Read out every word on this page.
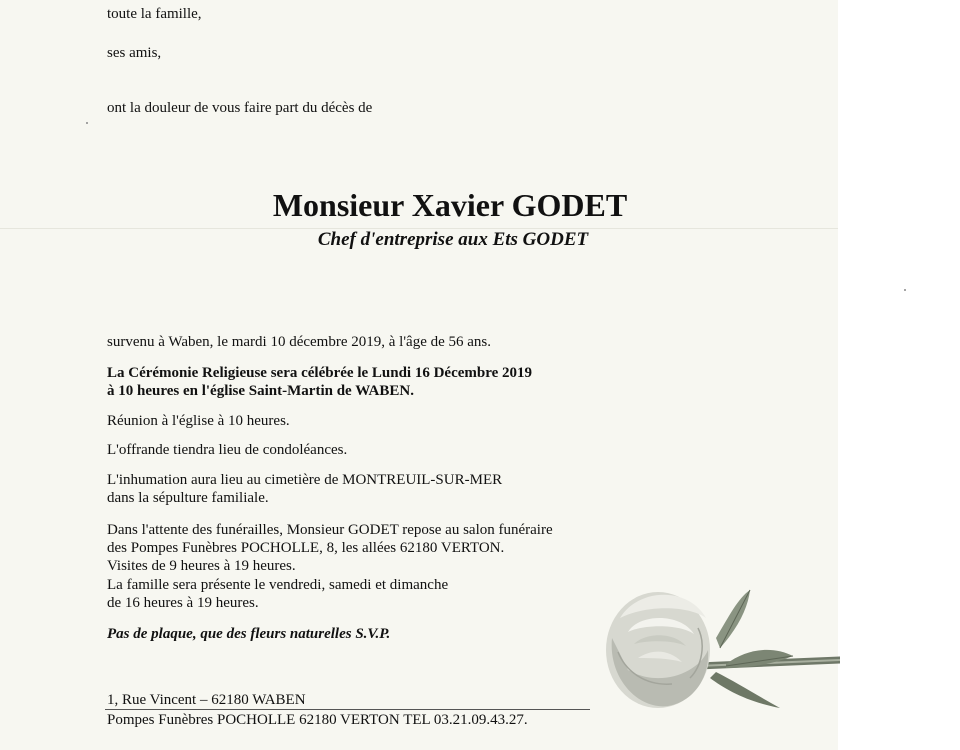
toute la famille,
ses amis,
ont la douleur de vous faire part du décès de
Monsieur Xavier GODET
Chef d'entreprise aux Ets GODET
survenu à Waben, le mardi 10 décembre 2019, à l'âge de 56 ans.
La Cérémonie Religieuse sera célébrée le Lundi 16 Décembre 2019
à 10 heures en l'église Saint-Martin de WABEN.
Réunion à l'église à 10 heures.
L'offrande tiendra lieu de condoléances.
L'inhumation aura lieu au cimetière de MONTREUIL-SUR-MER
dans la sépulture familiale.
Dans l'attente des funérailles, Monsieur GODET repose au salon funéraire
des Pompes Funèbres POCHOLLE, 8, les allées 62180 VERTON.
Visites de 9 heures à 19 heures.
La famille sera présente le vendredi, samedi et dimanche
de 16 heures à 19 heures.
Pas de plaque, que des fleurs naturelles S.V.P.
1, Rue Vincent – 62180 WABEN
Pompes Funèbres POCHOLLE 62180 VERTON TEL 03.21.09.43.27.
